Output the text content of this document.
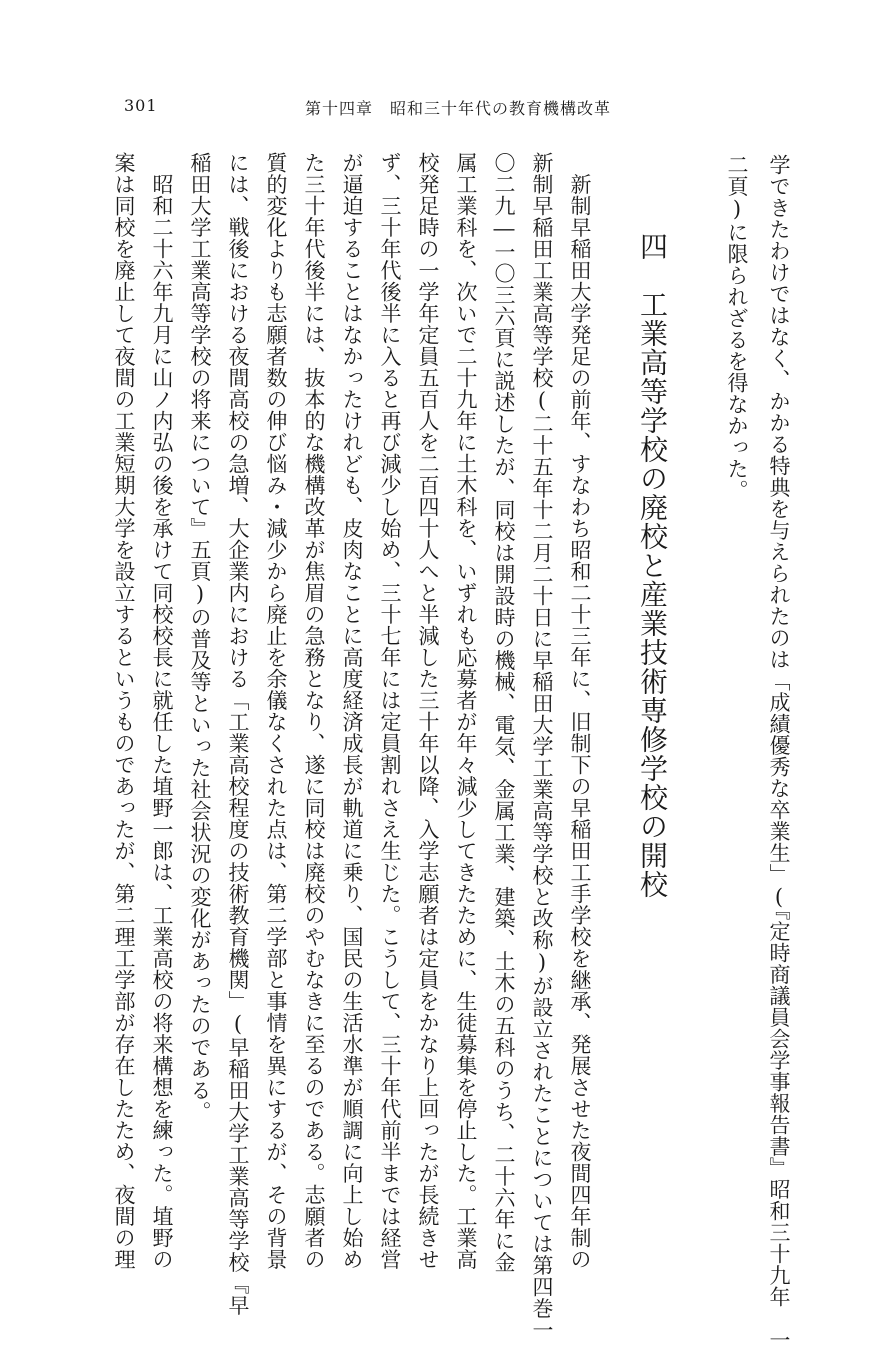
301	第十四章　昭和三十年代の教育機構改革
学できたわけではなく、かかる特典を与えられたのは「成績優秀な卒業生」(『定時商議員会学事報告書』昭和三十九年　一
二頁)に限られざるを得なかった。
四　工業高等学校の廃校と産業技術専修学校の開校
　新制早稲田大学発足の前年、すなわち昭和二十三年に、旧制下の早稲田工手学校を継承、発展させた夜間四年制の
新制早稲田工業高等学校(二十五年十二月二十日に早稲田大学工業高等学校と改称)が設立されたことについては第四巻一
〇二九―一〇三六頁に説述したが、同校は開設時の機械、電気、金属工業、建築、土木の五科のうち、二十六年に金
属工業科を、次いで二十九年に土木科を、いずれも応募者が年々減少してきたために、生徒募集を停止した。工業高
校発足時の一学年定員五百人を二百四十人へと半減した三十年以降、入学志願者は定員をかなり上回ったが長続きせ
ず、三十年代後半に入ると再び減少し始め、三十七年には定員割れさえ生じた。こうして、三十年代前半までは経営
が逼迫することはなかったけれども、皮肉なことに高度経済成長が軌道に乗り、国民の生活水準が順調に向上し始め
た三十年代後半には、抜本的な機構改革が焦眉の急務となり、遂に同校は廃校のやむなきに至るのである。志願者の
質的変化よりも志願者数の伸び悩み・減少から廃止を余儀なくされた点は、第二学部と事情を異にするが、その背景
には、戦後における夜間高校の急増、大企業内における「工業高校程度の技術教育機関」(早稲田大学工業高等学校『早
稲田大学工業高等学校の将来について』五頁)の普及等といった社会状況の変化があったのである。
　昭和二十六年九月に山ノ内弘の後を承けて同校校長に就任した埴野一郎は、工業高校の将来構想を練った。埴野の
案は同校を廃止して夜間の工業短期大学を設立するというものであったが、第二理工学部が存在したため、夜間の理
